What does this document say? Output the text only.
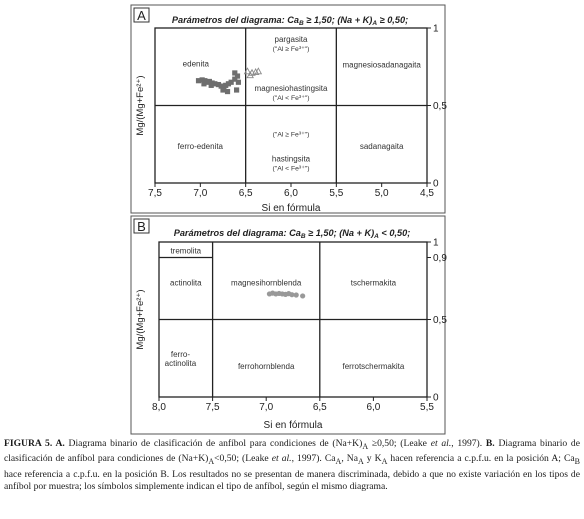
A	Parámetros del diagrama: $Ca_B \ge 1,50$; $(Na + K)_A \ge 0,50$;
7,5	7,0	6,5	6,0	5,5	5,0	4,5
0
0,5
1
Si en fórmula
Mg/(Mg+Fe²⁺)
edenita
pargasita
("Al ≥ Fe³⁺")
magnesiosadanagaita
magnesiohastingsita
("Al < Fe³⁺")
ferro-edenita
("Al ≥ Fe³⁺")
hastingsita
("Al < Fe³⁺")
sadanagaita
B	Parámetros del diagrama: $Ca_B \ge 1,50$; $(Na + K)_A < 0,50$;
8,0	7,5	7,0	6,5	6,0	5,5
0
0,5
0,9
1
Si en fórmula
Mg/(Mg+Fe²⁺)
tremolita
actinolita	magnesihornblenda	tschermakita
ferro-
actinolita	ferrohornblenda	ferrotschermakita

FIGURA 5. A. Diagrama binario de clasificación de anfíbol para condiciones de $(Na+K)_A \ge 0,50$; (Leake et al., 1997). B. Diagrama binario de clasificación de anfíbol para condiciones de $(Na+K)_A<0,50$; (Leake et al., 1997). $Ca_A$, $Na_A$ y $K_A$ hacen referencia a c.p.f.u. en la posición A; $Ca_B$ hace referencia a c.p.f.u. en la posición B. Los resultados no se presentan de manera discriminada, debido a que no existe variación en los tipos de anfíbol por muestra; los símbolos simplemente indican el tipo de anfíbol, según el mismo diagrama.
